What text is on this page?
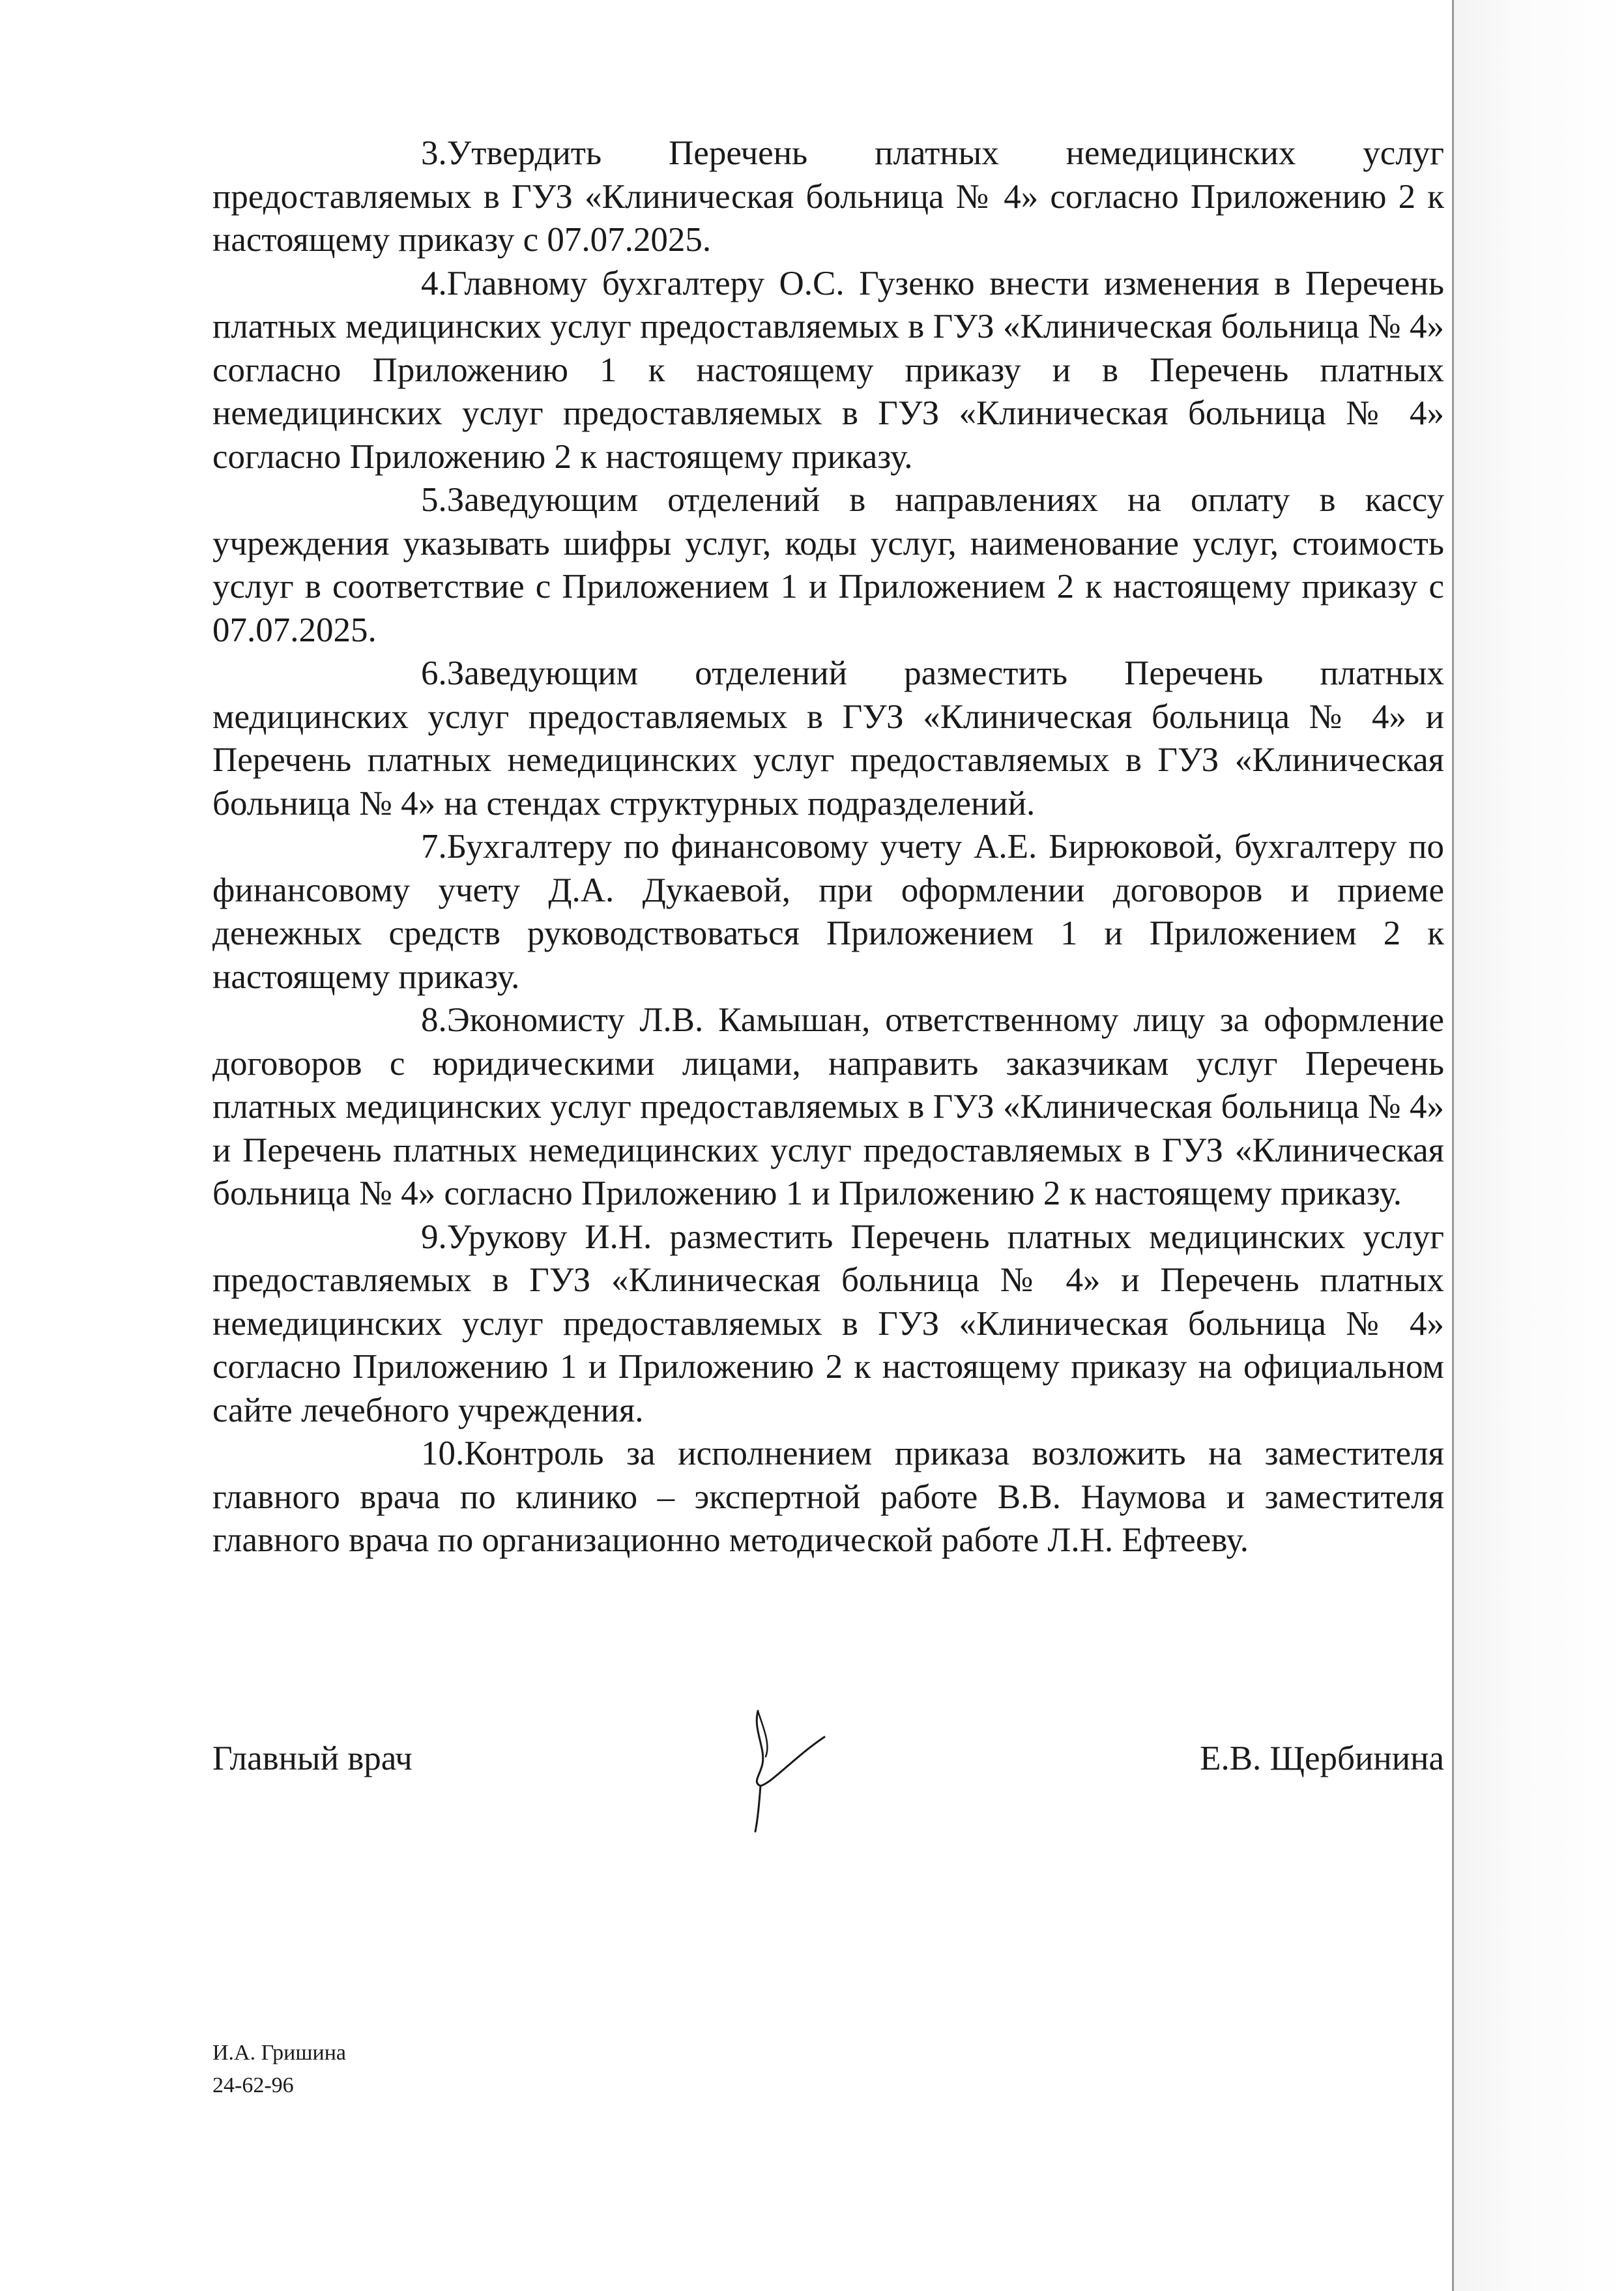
3.Утвердить Перечень платных немедицинских услуг предоставляемых в ГУЗ «Клиническая больница № 4» согласно Приложению 2 к настоящему приказу с 07.07.2025.

4.Главному бухгалтеру О.С. Гузенко внести изменения в Перечень платных медицинских услуг предоставляемых в ГУЗ «Клиническая больница № 4» согласно Приложению 1 к настоящему приказу и в Перечень платных немедицинских услуг предоставляемых в ГУЗ «Клиническая больница № 4» согласно Приложению 2 к настоящему приказу.

5.Заведующим отделений в направлениях на оплату в кассу учреждения указывать шифры услуг, коды услуг, наименование услуг, стоимость услуг в соответствие с Приложением 1 и Приложением 2 к настоящему приказу с 07.07.2025.

6.Заведующим отделений разместить Перечень платных медицинских услуг предоставляемых в ГУЗ «Клиническая больница № 4» и Перечень платных немедицинских услуг предоставляемых в ГУЗ «Клиническая больница № 4» на стендах структурных подразделений.

7.Бухгалтеру по финансовому учету А.Е. Бирюковой, бухгалтеру по финансовому учету Д.А. Дукаевой, при оформлении договоров и приеме денежных средств руководствоваться Приложением 1 и Приложением 2 к настоящему приказу.

8.Экономисту Л.В. Камышан, ответственному лицу за оформление договоров с юридическими лицами, направить заказчикам услуг Перечень платных медицинских услуг предоставляемых в ГУЗ «Клиническая больница № 4» и Перечень платных немедицинских услуг предоставляемых в ГУЗ «Клиническая больница № 4» согласно Приложению 1 и Приложению 2 к настоящему приказу.

9.Урукову И.Н. разместить Перечень платных медицинских услуг предоставляемых в ГУЗ «Клиническая больница № 4» и Перечень платных немедицинских услуг предоставляемых в ГУЗ «Клиническая больница № 4» согласно Приложению 1 и Приложению 2 к настоящему приказу на официальном сайте лечебного учреждения.

10.Контроль за исполнением приказа возложить на заместителя главного врача по клинико – экспертной работе В.В. Наумова и заместителя главного врача по организационно методической работе Л.Н. Ефтееву.

Главный врач	Е.В. Щербинина
И.А. Гришина
24-62-96
